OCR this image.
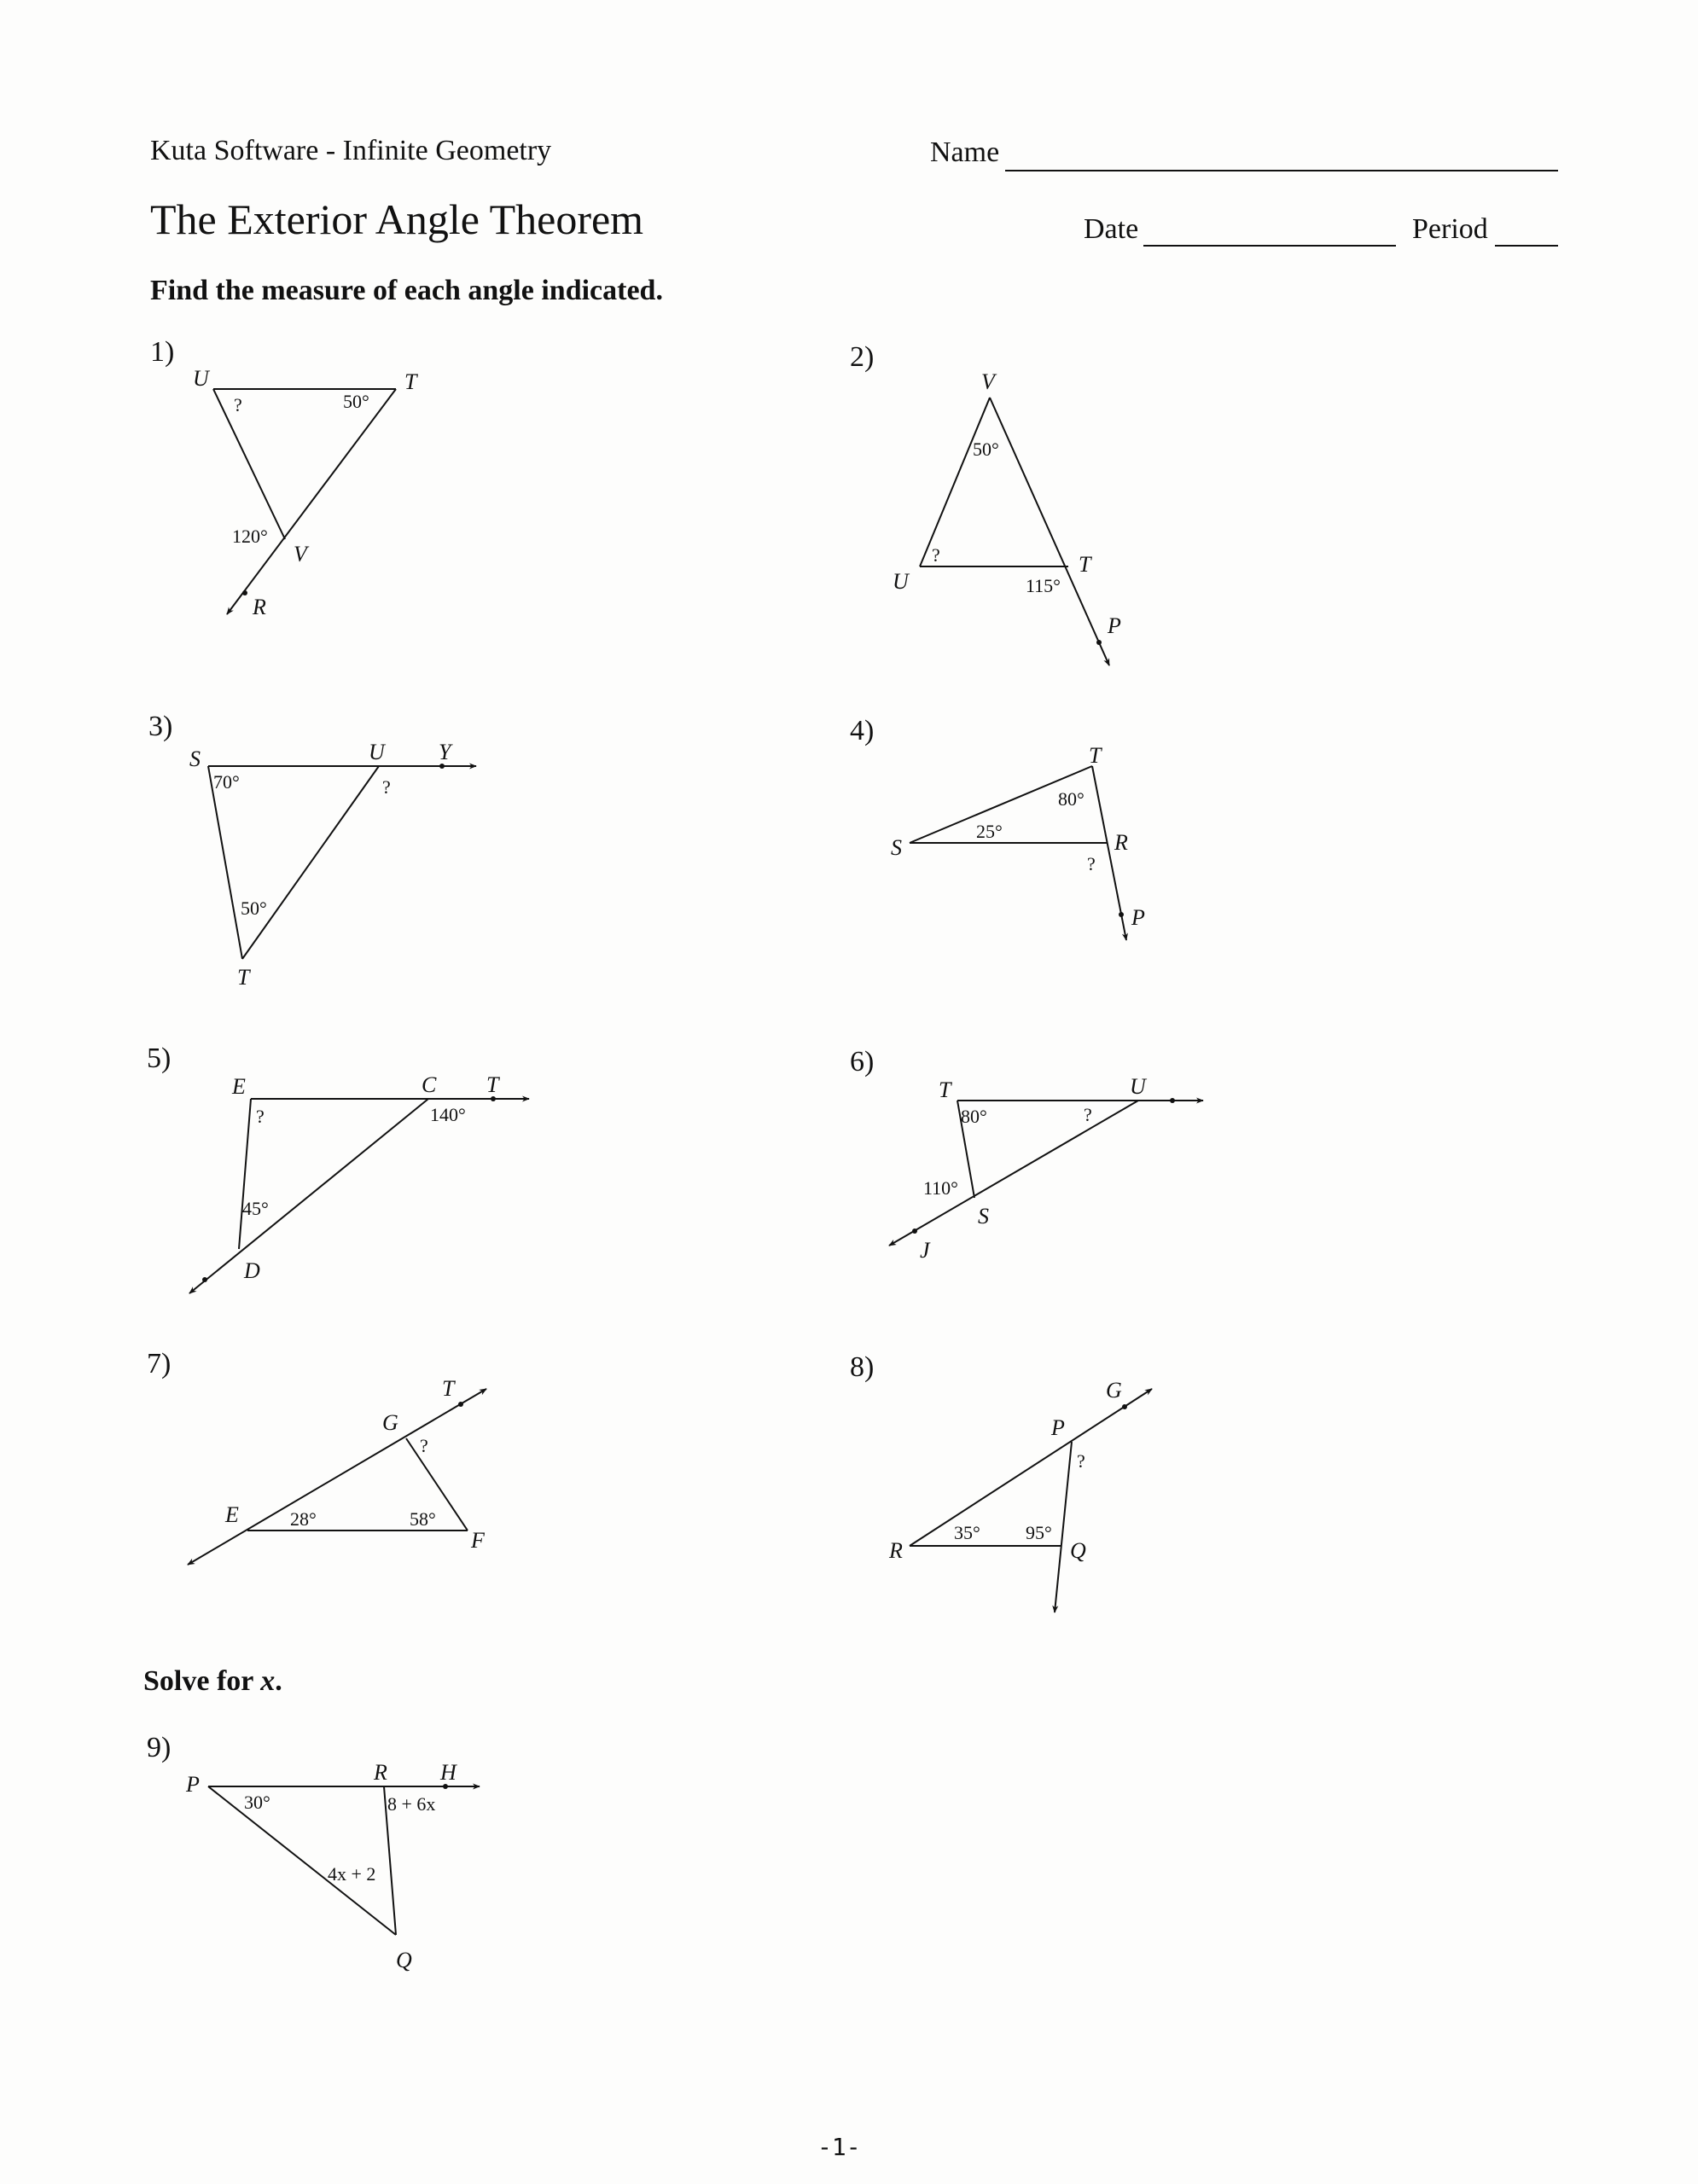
Kuta Software - Infinite Geometry	Name
The Exterior Angle Theorem	Date	Period
Find the measure of each angle indicated.
1)	2)
3)	4)
5)	6)
7)	8)
9)
Solve for x.
-1-
U	T
V
R
?	50°
120°
V
U
T
P
50°
?
115°
S	U Y
T
70°	?
50°
T
S	R
P
80°
25°
?
E	C T
D
?	140°
45°
T	U
S
J
80°	?
110°
T
G
E
F
?
28°	58°
G
P
R	Q
?
35° 95°
P	R H
Q
30°	8 + 6x
4x + 2
